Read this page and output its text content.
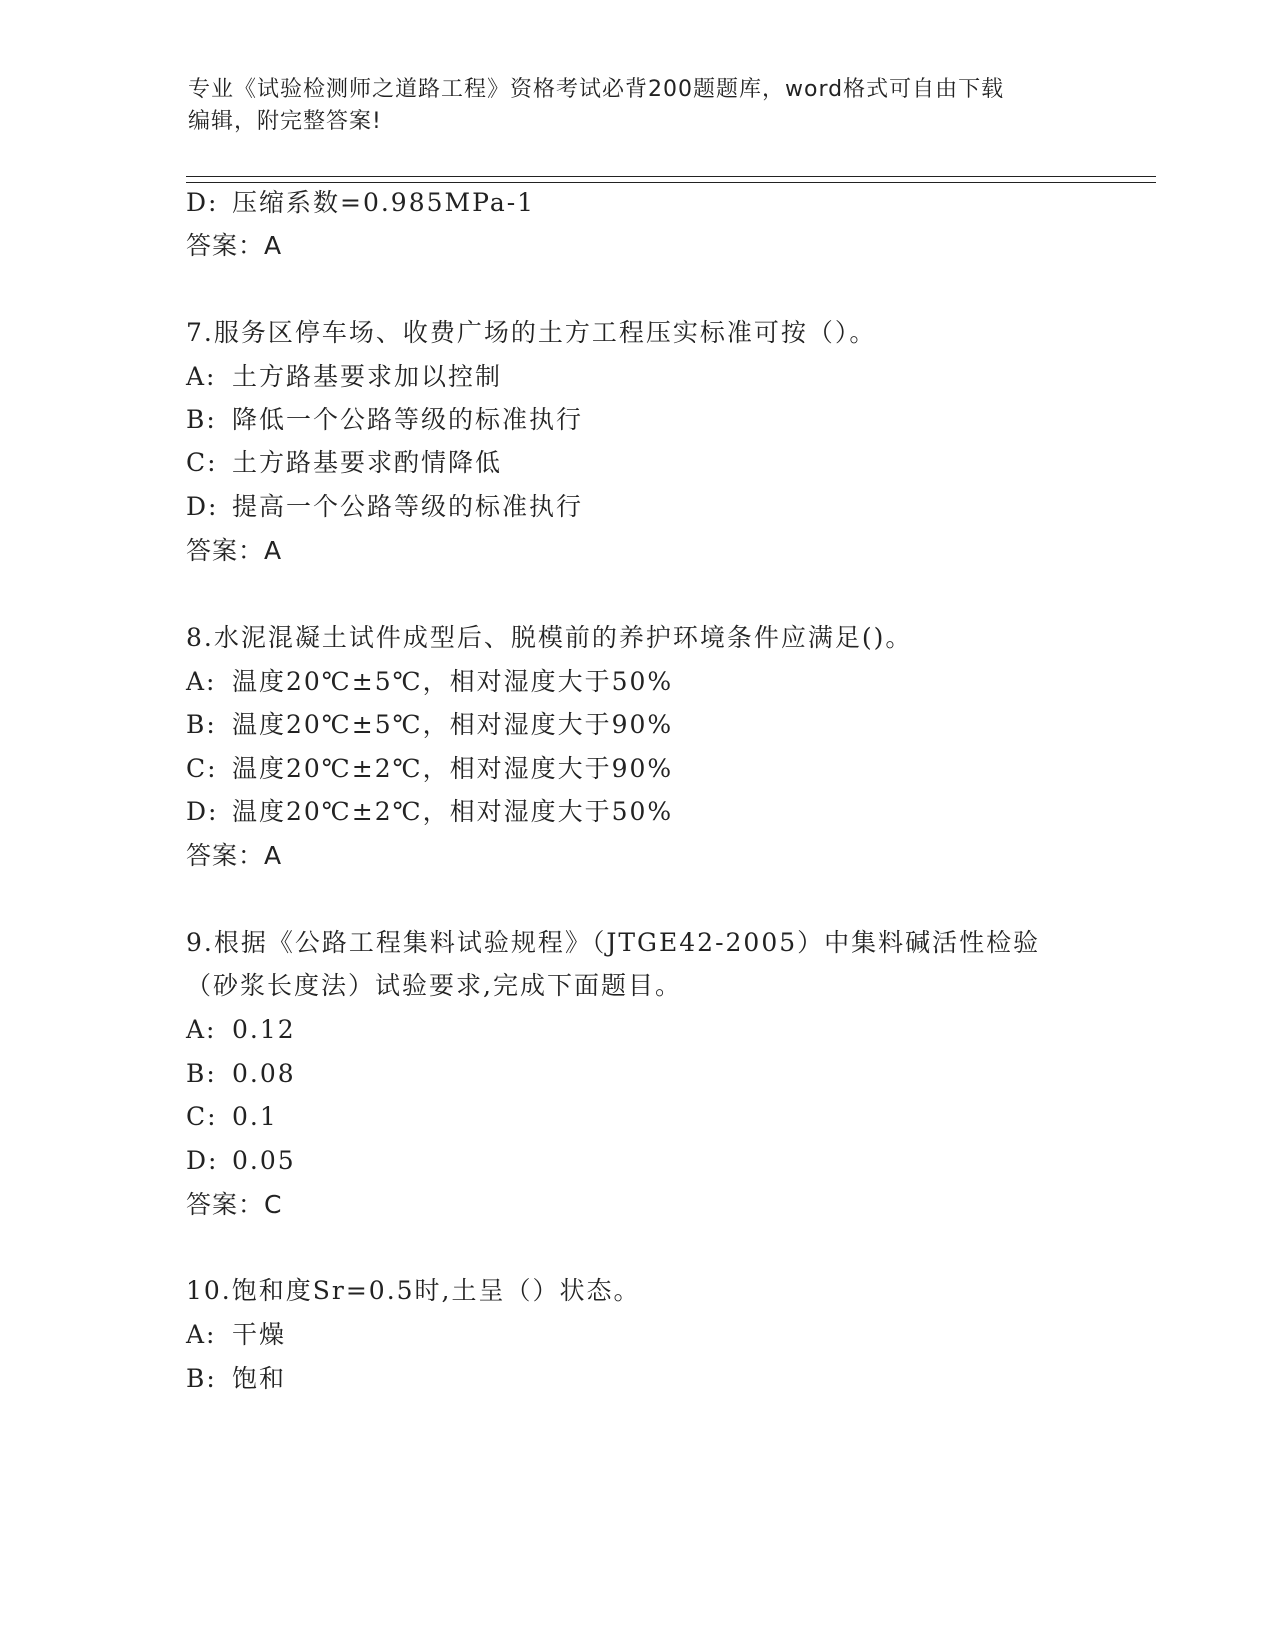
专业《试验检测师之道路工程》资格考试必背200题题库，word格式可自由下载
编辑，附完整答案!
D: 压缩系数=0.985MPa-1
答案：A
7.服务区停车场、收费广场的土方工程压实标准可按（）。
A: 土方路基要求加以控制
B: 降低一个公路等级的标准执行
C: 土方路基要求酌情降低
D: 提高一个公路等级的标准执行
答案：A
8.水泥混凝土试件成型后、脱模前的养护环境条件应满足()。
A: 温度20℃±5℃，相对湿度大于50%
B: 温度20℃±5℃，相对湿度大于90%
C: 温度20℃±2℃，相对湿度大于90%
D: 温度20℃±2℃，相对湿度大于50%
答案：A
9.根据《公路工程集料试验规程》（JTGE42-2005）中集料碱活性检验
（砂浆长度法）试验要求,完成下面题目。
A: 0.12
B: 0.08
C: 0.1
D: 0.05
答案：C
10.饱和度Sr=0.5时,土呈（）状态。
A: 干燥
B: 饱和
